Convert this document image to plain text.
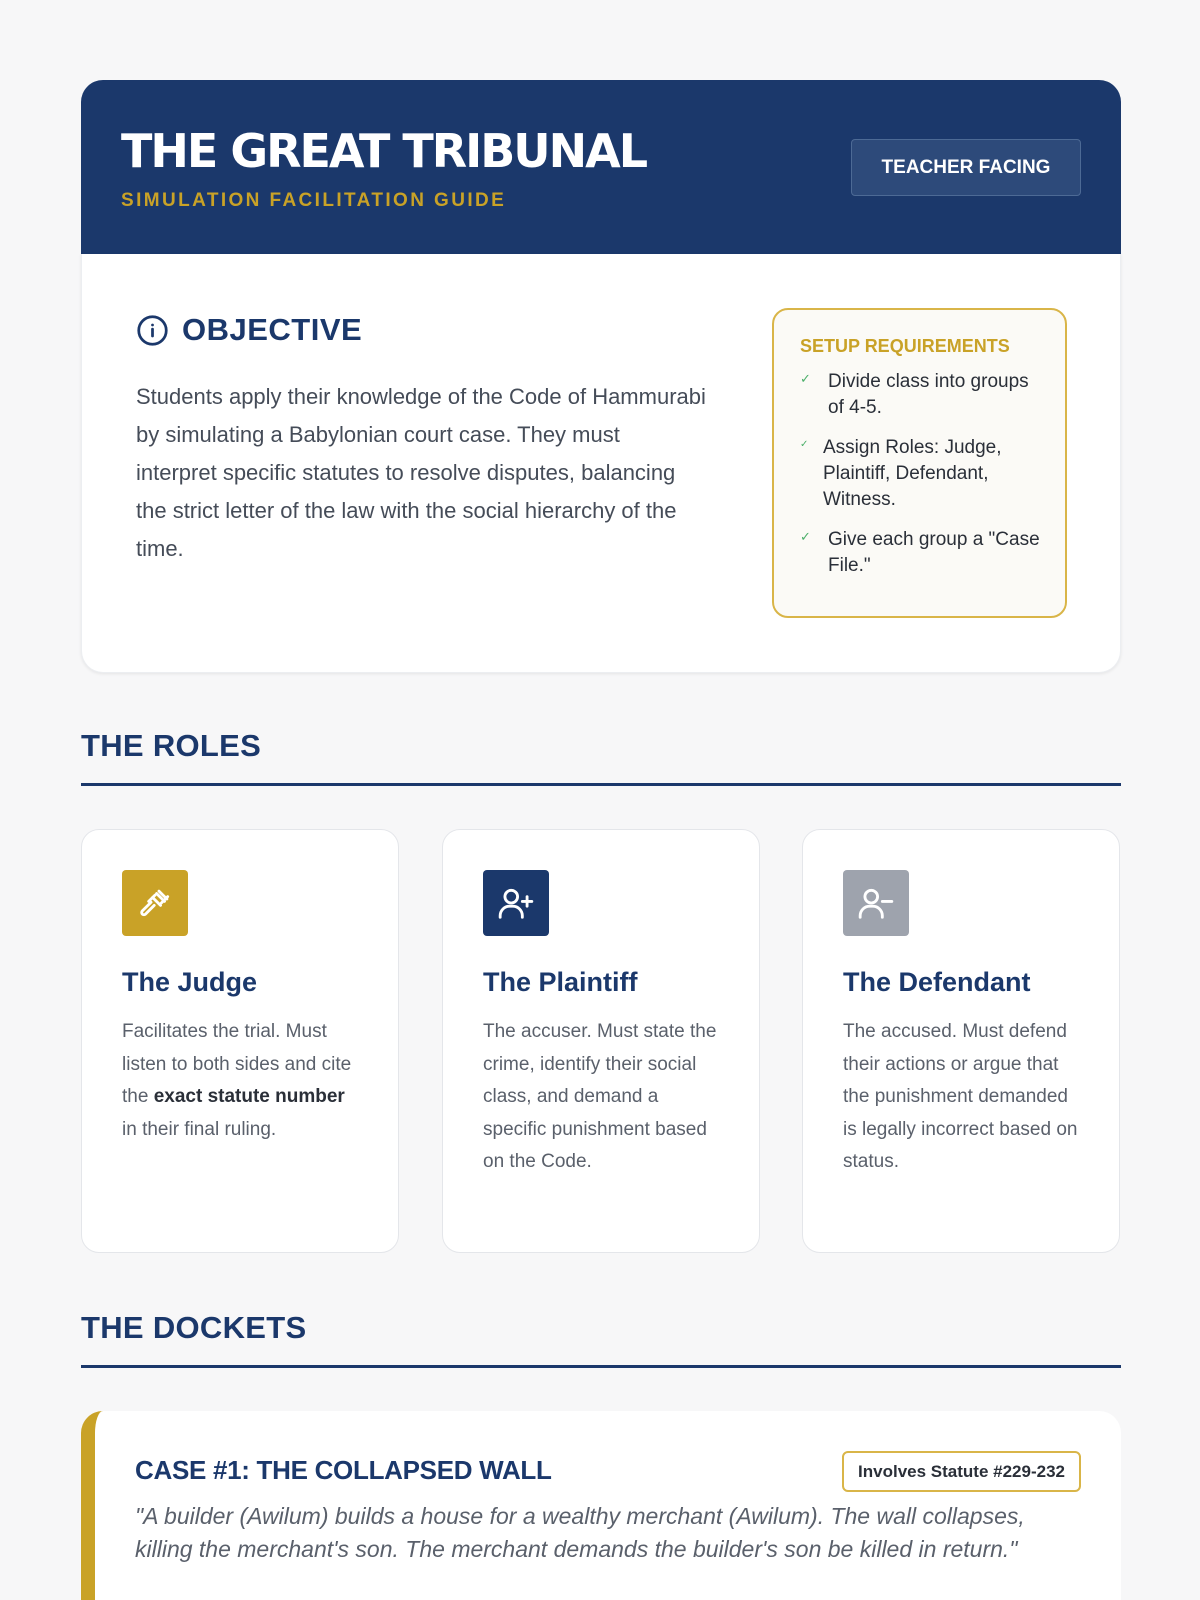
THE GREAT TRIBUNAL
SIMULATION FACILITATION GUIDE
TEACHER FACING
OBJECTIVE

Students apply their knowledge of the Code of Hammurabi by simulating a Babylonian court case. They must interpret specific statutes to resolve disputes, balancing the strict letter of the law with the social hierarchy of the time.

SETUP REQUIREMENTS
✓ Divide class into groups of 4-5.
✓ Assign Roles: Judge, Plaintiff, Defendant, Witness.
✓ Give each group a "Case File."
THE ROLES
The Judge

Facilitates the trial. Must listen to both sides and cite the exact statute number in their final ruling.

The Plaintiff

The accuser. Must state the crime, identify their social class, and demand a specific punishment based on the Code.

The Defendant

The accused. Must defend their actions or argue that the punishment demanded is legally incorrect based on status.

THE DOCKETS
CASE #1: THE COLLAPSED WALL	Involves Statute #229-232

"A builder (Awilum) builds a house for a wealthy merchant (Awilum). The wall collapses, killing the merchant's son. The merchant demands the builder's son be killed in return."
